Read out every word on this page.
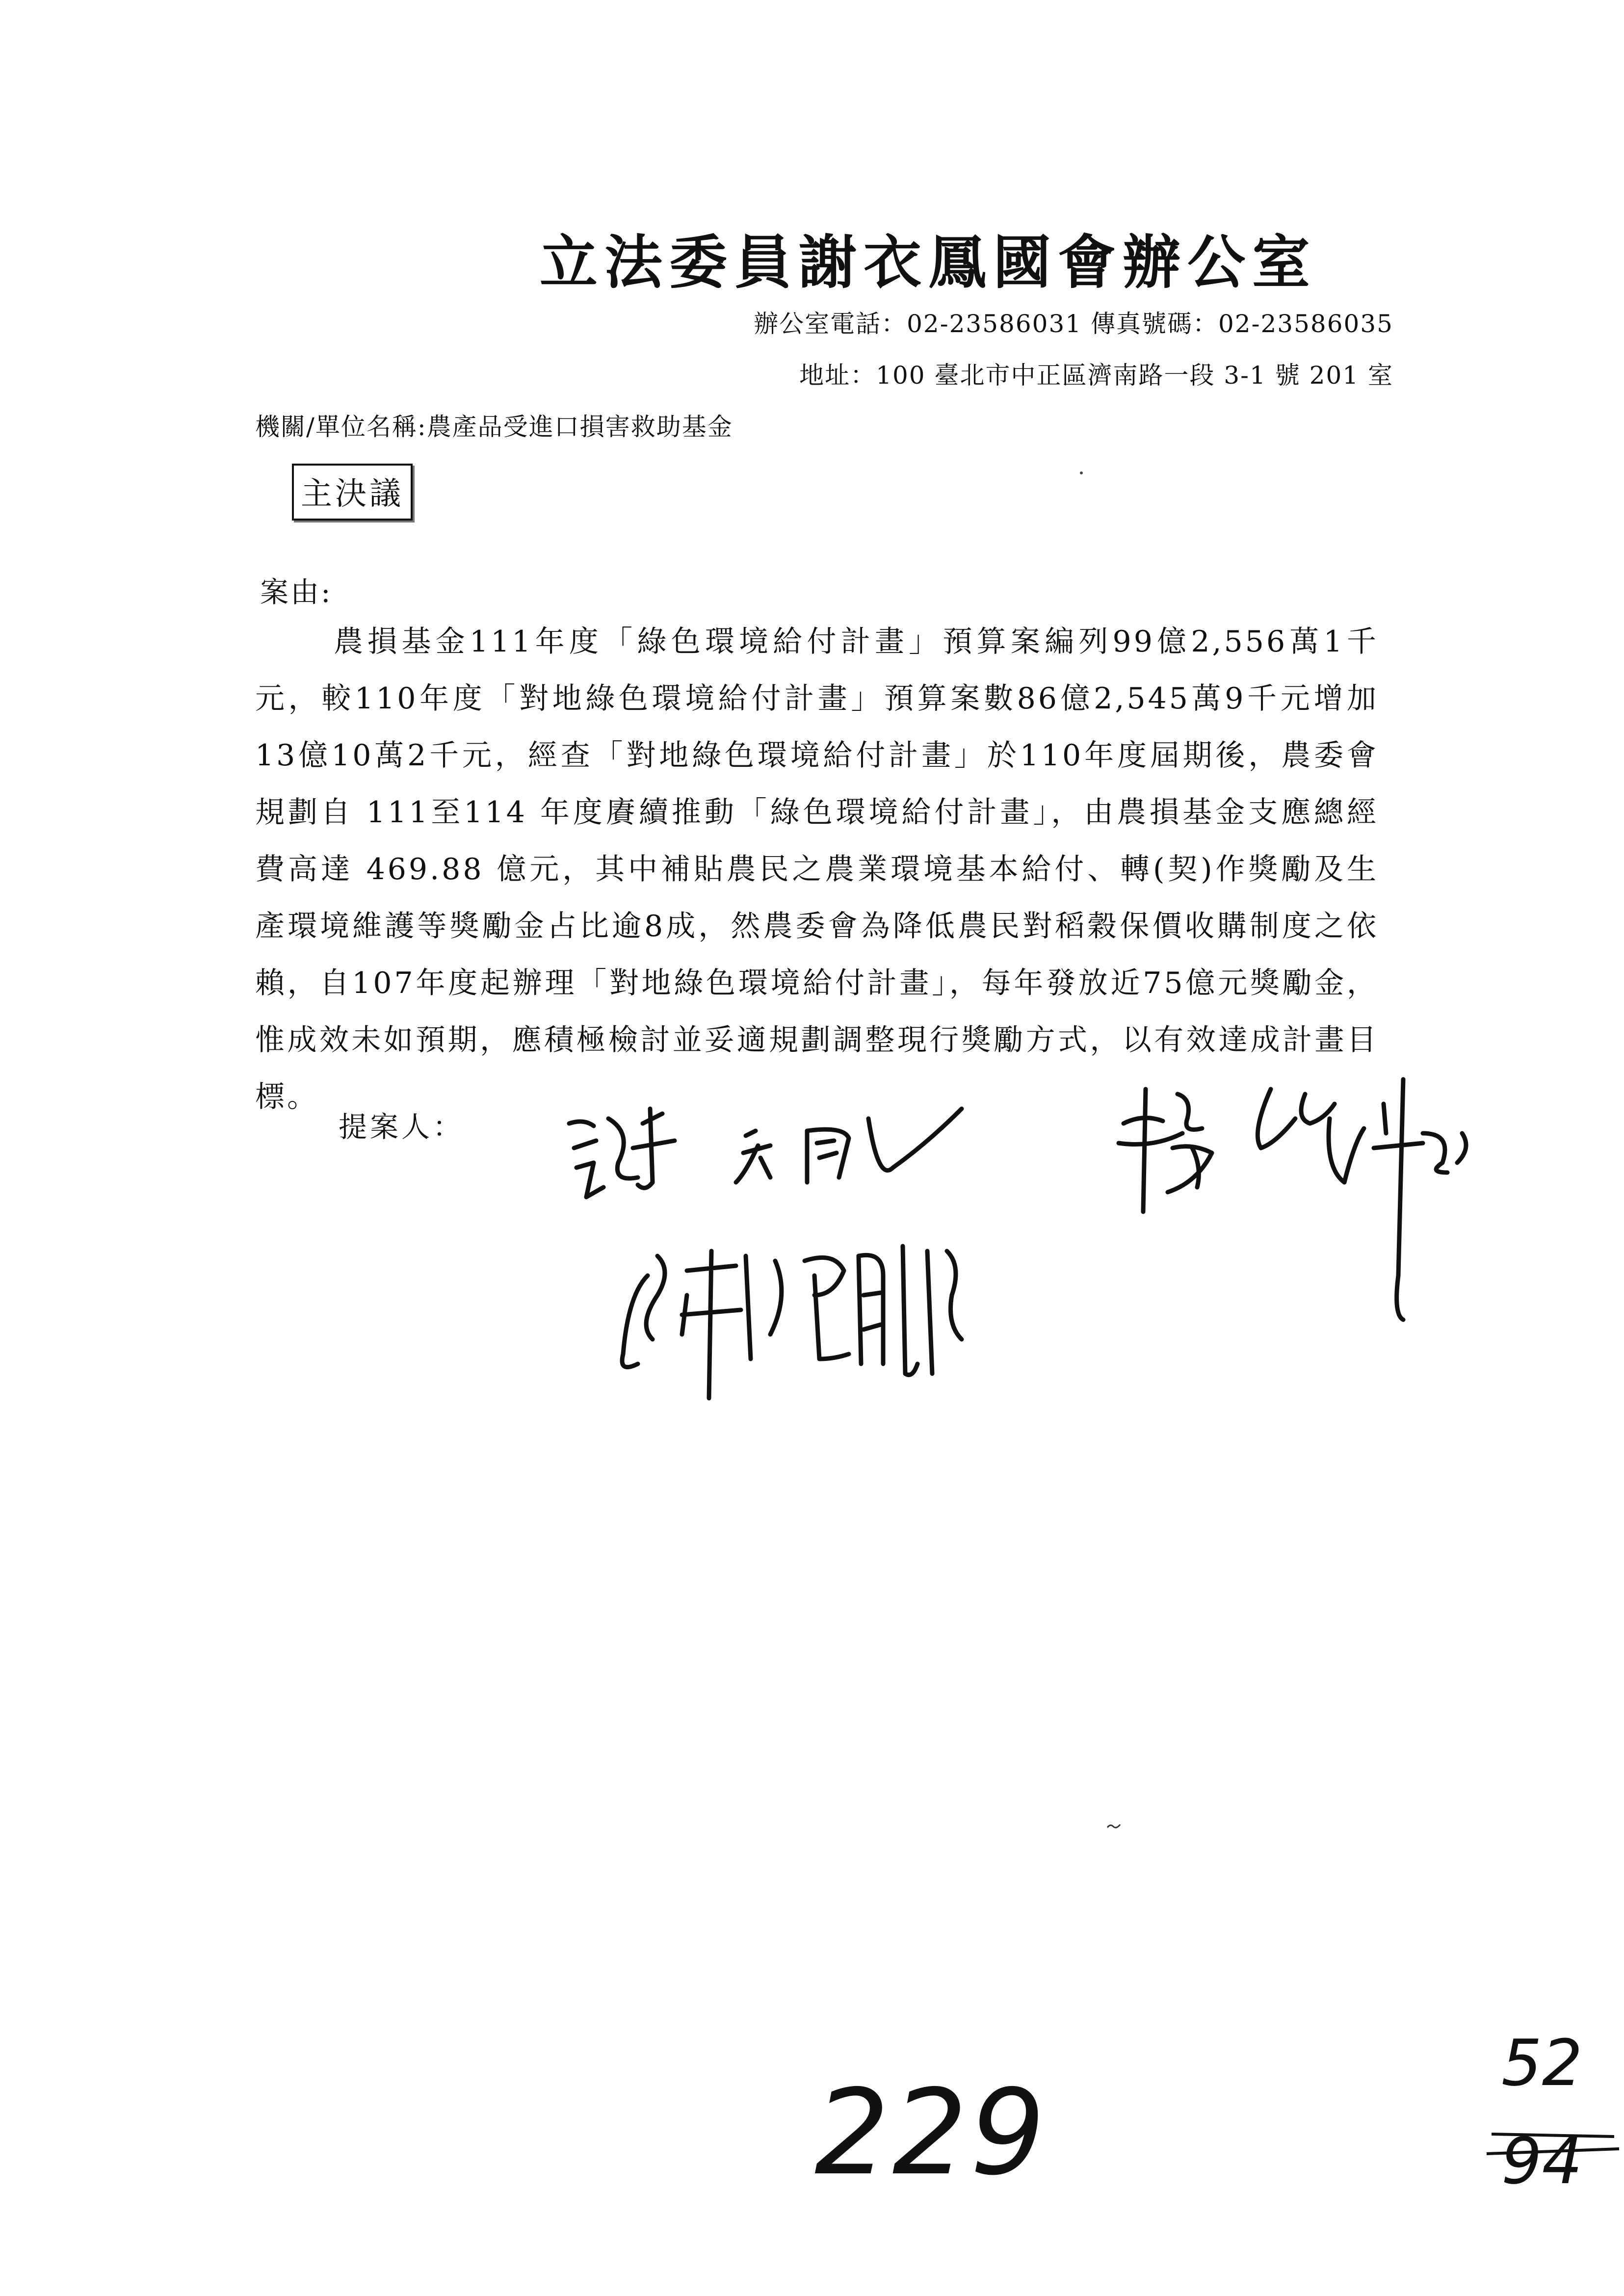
立法委員謝衣鳳國會辦公室
辦公室電話：02-23586031 傳真號碼：02-23586035
地址：100 臺北市中正區濟南路一段 3-1 號 201 室
機關/單位名稱:農產品受進口損害救助基金
主決議
案由:

農損基金111年度「綠色環境給付計畫」預算案編列99億2,556萬1千元，較110年度「對地綠色環境給付計畫」預算案數86億2,545萬9千元增加13億10萬2千元，經查「對地綠色環境給付計畫」於110年度屆期後，農委會規劃自 111至114 年度賡續推動「綠色環境給付計畫」，由農損基金支應總經費高達 469.88 億元，其中補貼農民之農業環境基本給付、轉(契)作獎勵及生產環境維護等獎勵金占比逾8成，然農委會為降低農民對稻穀保價收購制度之依賴，自107年度起辦理「對地綠色環境給付計畫」，每年發放近75億元獎勵金，惟成效未如預期，應積極檢討並妥適規劃調整現行獎勵方式，以有效達成計畫目標。

提案人：
229
52
94
